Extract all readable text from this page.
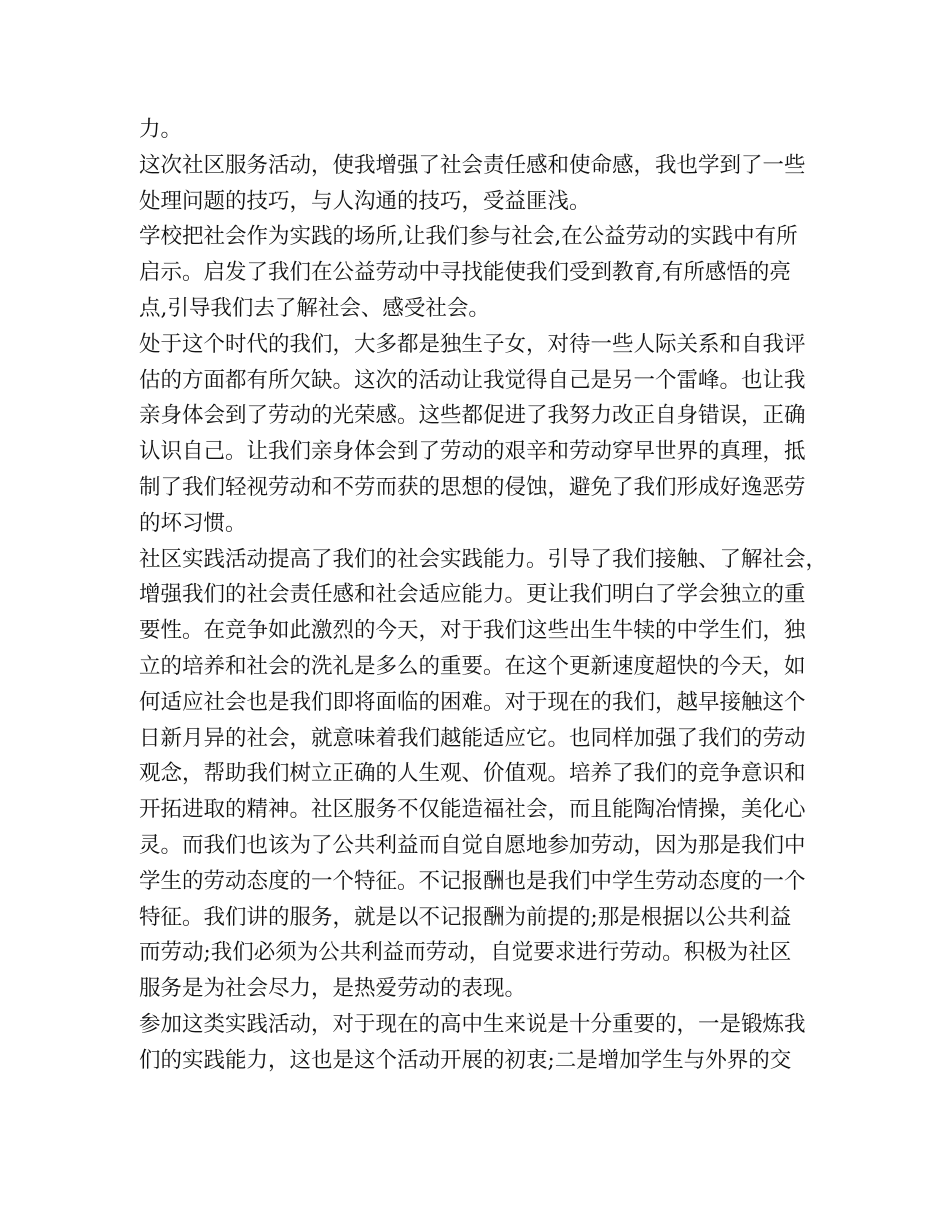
力。
这次社区服务活动，使我增强了社会责任感和使命感，我也学到了一些
处理问题的技巧，与人沟通的技巧，受益匪浅。
学校把社会作为实践的场所,让我们参与社会,在公益劳动的实践中有所
启示。启发了我们在公益劳动中寻找能使我们受到教育,有所感悟的亮
点,引导我们去了解社会、感受社会。
处于这个时代的我们，大多都是独生子女，对待一些人际关系和自我评
估的方面都有所欠缺。这次的活动让我觉得自己是另一个雷峰。也让我
亲身体会到了劳动的光荣感。这些都促进了我努力改正自身错误，正确
认识自己。让我们亲身体会到了劳动的艰辛和劳动穿早世界的真理，抵
制了我们轻视劳动和不劳而获的思想的侵蚀，避免了我们形成好逸恶劳
的坏习惯。
社区实践活动提高了我们的社会实践能力。引导了我们接触、了解社会，
增强我们的社会责任感和社会适应能力。更让我们明白了学会独立的重
要性。在竞争如此激烈的今天，对于我们这些出生牛犊的中学生们，独
立的培养和社会的洗礼是多么的重要。在这个更新速度超快的今天，如
何适应社会也是我们即将面临的困难。对于现在的我们，越早接触这个
日新月异的社会，就意味着我们越能适应它。也同样加强了我们的劳动
观念，帮助我们树立正确的人生观、价值观。培养了我们的竞争意识和
开拓进取的精神。社区服务不仅能造福社会，而且能陶冶情操，美化心
灵。而我们也该为了公共利益而自觉自愿地参加劳动，因为那是我们中
学生的劳动态度的一个特征。不记报酬也是我们中学生劳动态度的一个
特征。我们讲的服务，就是以不记报酬为前提的;那是根据以公共利益
而劳动;我们必须为公共利益而劳动，自觉要求进行劳动。积极为社区
服务是为社会尽力，是热爱劳动的表现。
参加这类实践活动，对于现在的高中生来说是十分重要的，一是锻炼我
们的实践能力，这也是这个活动开展的初衷;二是增加学生与外界的交
